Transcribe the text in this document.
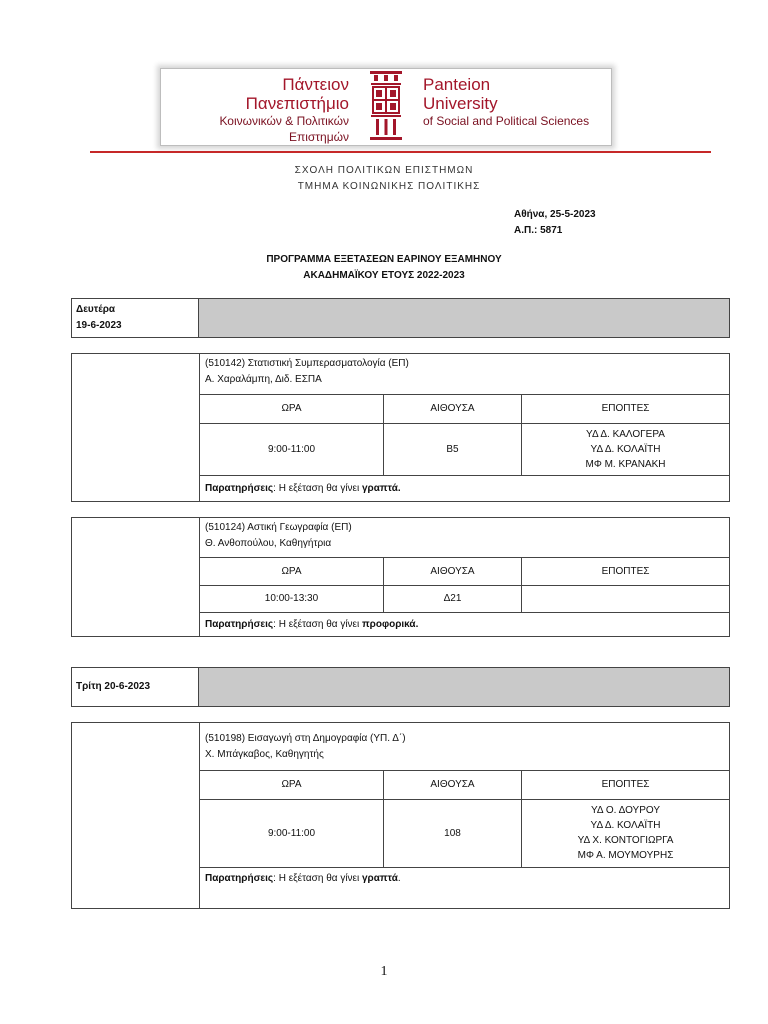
Πάντειον
Πανεπιστήμιο
Κοινωνικών & Πολιτικών Επιστημών
Panteion
University
of Social and Political Sciences
ΣΧΟΛΗ ΠΟΛΙΤΙΚΩΝ ΕΠΙΣΤΗΜΩΝ
ΤΜΗΜΑ ΚΟΙΝΩΝΙΚΗΣ ΠΟΛΙΤΙΚΗΣ
Αθήνα, 25-5-2023
Α.Π.: 5871
ΠΡΟΓΡΑΜΜΑ ΕΞΕΤΑΣΕΩΝ ΕΑΡΙΝΟΥ ΕΞΑΜΗΝΟΥ
ΑΚΑΔΗΜΑΪΚΟΥ ΕΤΟΥΣ 2022-2023
Δευτέρα
19-6-2023
(510142) Στατιστική Συμπερασματολογία (ΕΠ)
Α. Χαραλάμπη, Διδ. ΕΣΠΑ
ΩΡΑ	ΑΙΘΟΥΣΑ	ΕΠΟΠΤΕΣ
9:00-11:00	Β5	ΥΔ Δ. ΚΑΛΟΓΕΡΑ
ΥΔ Δ. ΚΟΛΑΪΤΗ
ΜΦ Μ. ΚΡΑΝΑΚΗ
Παρατηρήσεις : Η εξέταση θα γίνει γραπτά.
(510124) Αστική Γεωγραφία (ΕΠ)
Θ. Ανθοπούλου, Καθηγήτρια
ΩΡΑ	ΑΙΘΟΥΣΑ	ΕΠΟΠΤΕΣ
10:00-13:30	Δ21	
Παρατηρήσεις : Η εξέταση θα γίνει προφορικά.
Τρίτη 20-6-2023
(510198) Εισαγωγή στη Δημογραφία (ΥΠ. Δ΄)
Χ. Μπάγκαβος, Καθηγητής
ΩΡΑ	ΑΙΘΟΥΣΑ	ΕΠΟΠΤΕΣ
9:00-11:00	108	ΥΔ Ο. ΔΟΥΡΟΥ
ΥΔ Δ. ΚΟΛΑΪΤΗ
ΥΔ Χ. ΚΟΝΤΟΓΙΩΡΓΑ
ΜΦ Α. ΜΟΥΜΟΥΡΗΣ
Παρατηρήσεις : Η εξέταση θα γίνει γραπτά .
1
